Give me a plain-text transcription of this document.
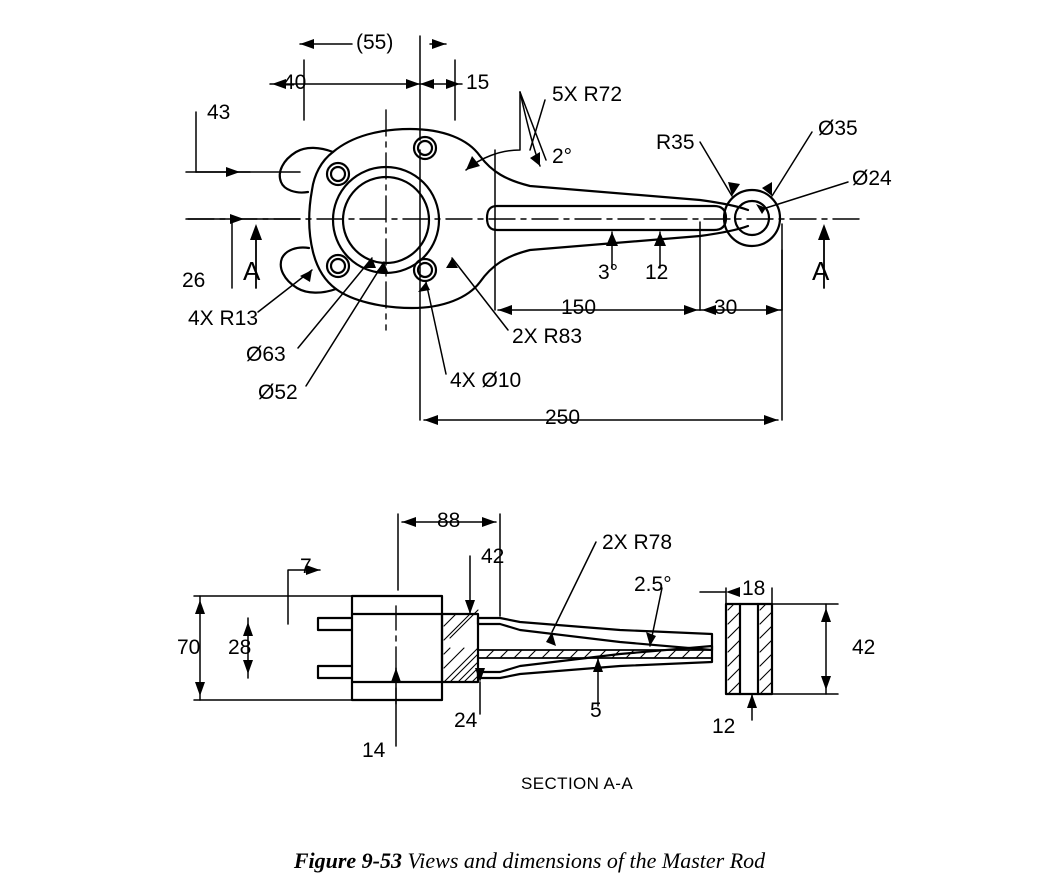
(55)
40	15
43
26
5X R72
2°
R35
Ø35
Ø24
3° 12
150	30
250
4X R13
Ø63
Ø52
2X R83
4X Ø10
A	A
88
42
2X R78
2.5°	18
7
70 28	42
14
24	5
12
SECTION A-A
Figure 9-53 Views and dimensions of the Master Rod
